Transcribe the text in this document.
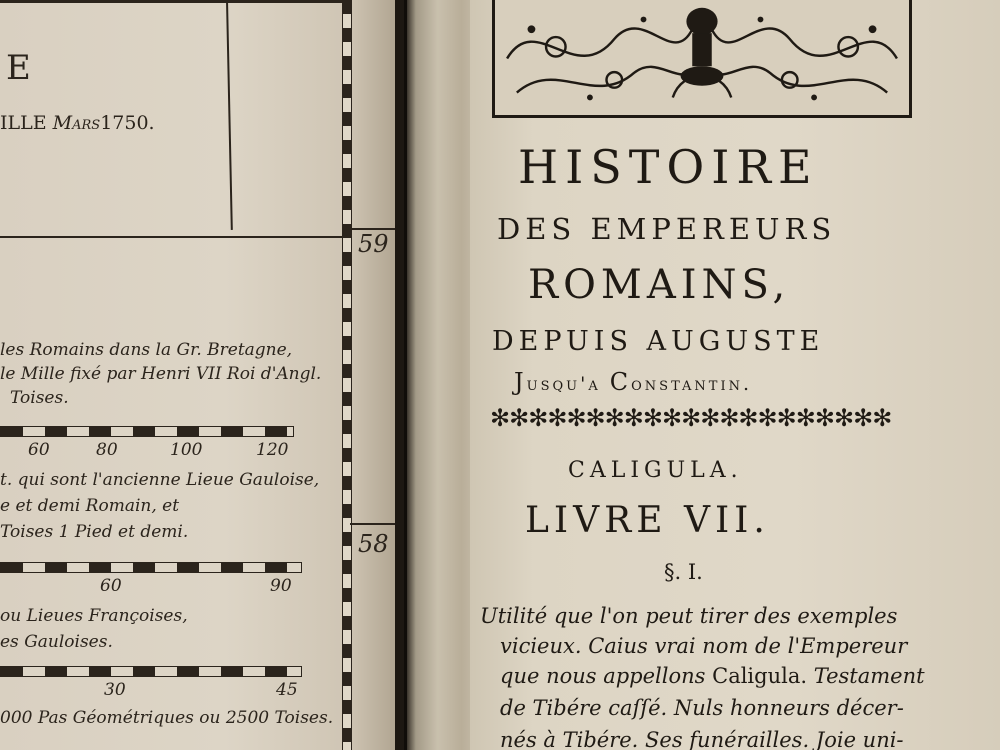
E
ILLE Mars1750.
59
58
les Romains dans la Gr. Bretagne,
le Mille fixé par Henri VII Roi d'Angl.
Toises.
60	80	100	120
t. qui sont l'ancienne Lieue Gauloise,
e et demi Romain, et
Toises 1 Pied et demi.
60	90
ou Lieues Françoises,
es Gauloises.
30	45
000 Pas Géométriques ou 2500 Toises.
HISTOIRE
DES EMPEREURS
ROMAINS,
DEPUIS AUGUSTE
Jusqu'a Constantin.
✻✻✻✻✻✻✻✻✻✻✻✻✻✻✻✻✻✻✻✻✻
CALIGULA.
LIVRE VII.
§. I.
Utilité que l'on peut tirer des exemples
vicieux. Caius vrai nom de l'Empereur
que nous appellons Caligula. Testament
de Tibére caſſé. Nuls honneurs décer-
nés à Tibére. Ses funérailles. Joie uni-
